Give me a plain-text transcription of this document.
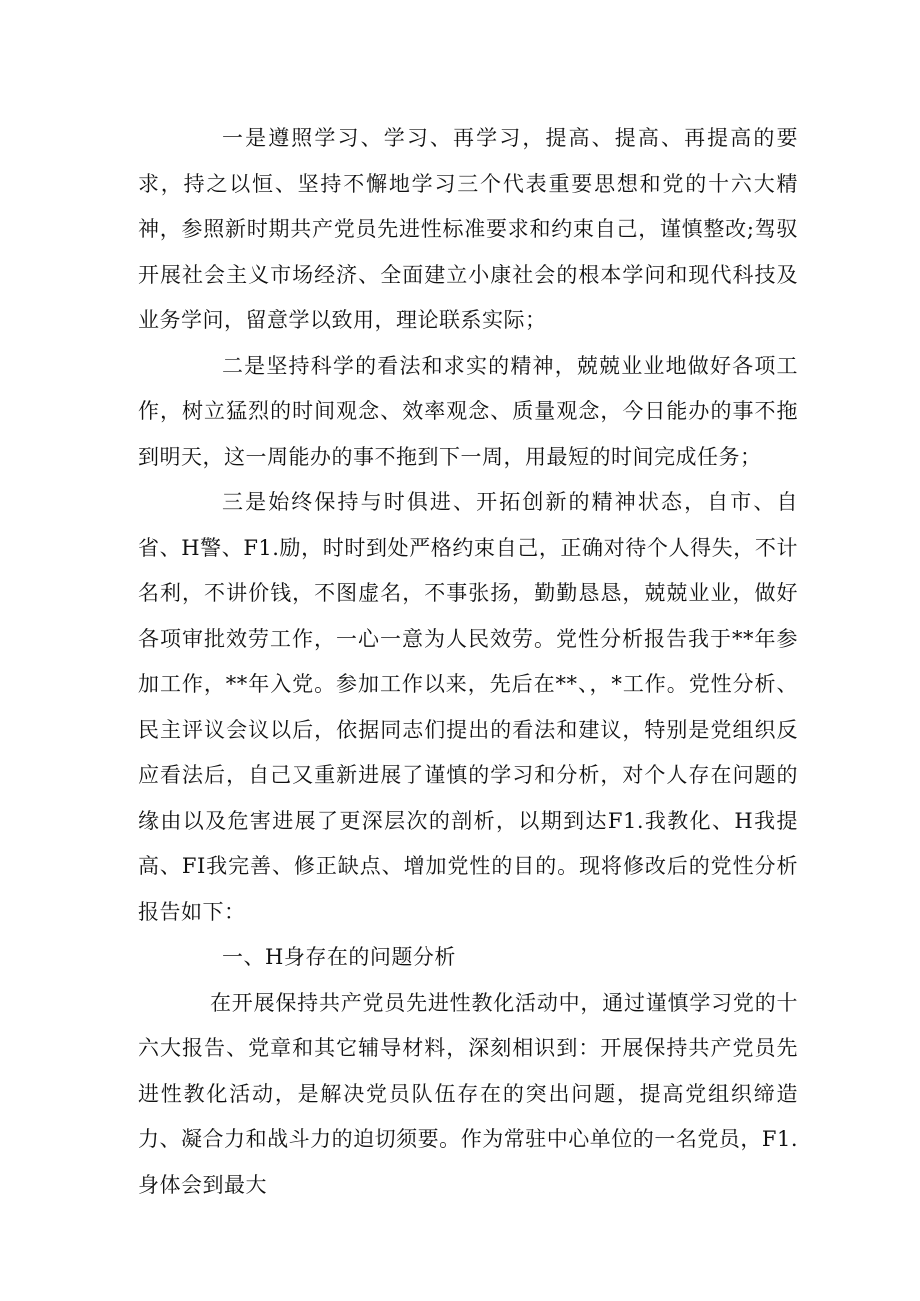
一是遵照学习、学习、再学习，提高、提高、再提高的要求，持之以恒、坚持不懈地学习三个代表重要思想和党的十六大精神，参照新时期共产党员先进性标准要求和约束自己，谨慎整改;驾驭开展社会主义市场经济、全面建立小康社会的根本学问和现代科技及业务学问，留意学以致用，理论联系实际；

二是坚持科学的看法和求实的精神，兢兢业业地做好各项工作，树立猛烈的时间观念、效率观念、质量观念，今日能办的事不拖到明天，这一周能办的事不拖到下一周，用最短的时间完成任务；

三是始终保持与时俱进、开拓创新的精神状态，自市、自省、H警、F1.励，时时到处严格约束自己，正确对待个人得失，不计名利，不讲价钱，不图虚名，不事张扬，勤勤恳恳，兢兢业业，做好各项审批效劳工作，一心一意为人民效劳。党性分析报告我于**年参加工作，**年入党。参加工作以来，先后在**、，*工作。党性分析、民主评议会议以后，依据同志们提出的看法和建议，特别是党组织反应看法后，自己又重新进展了谨慎的学习和分析，对个人存在问题的缘由以及危害进展了更深层次的剖析，以期到达F1.我教化、H我提高、FI我完善、修正缺点、增加党性的目的。现将修改后的党性分析报告如下：

一、H身存在的问题分析

在开展保持共产党员先进性教化活动中，通过谨慎学习党的十六大报告、党章和其它辅导材料，深刻相识到：开展保持共产党员先进性教化活动，是解决党员队伍存在的突出问题，提高党组织缔造力、凝合力和战斗力的迫切须要。作为常驻中心单位的一名党员，F1.身体会到最大
